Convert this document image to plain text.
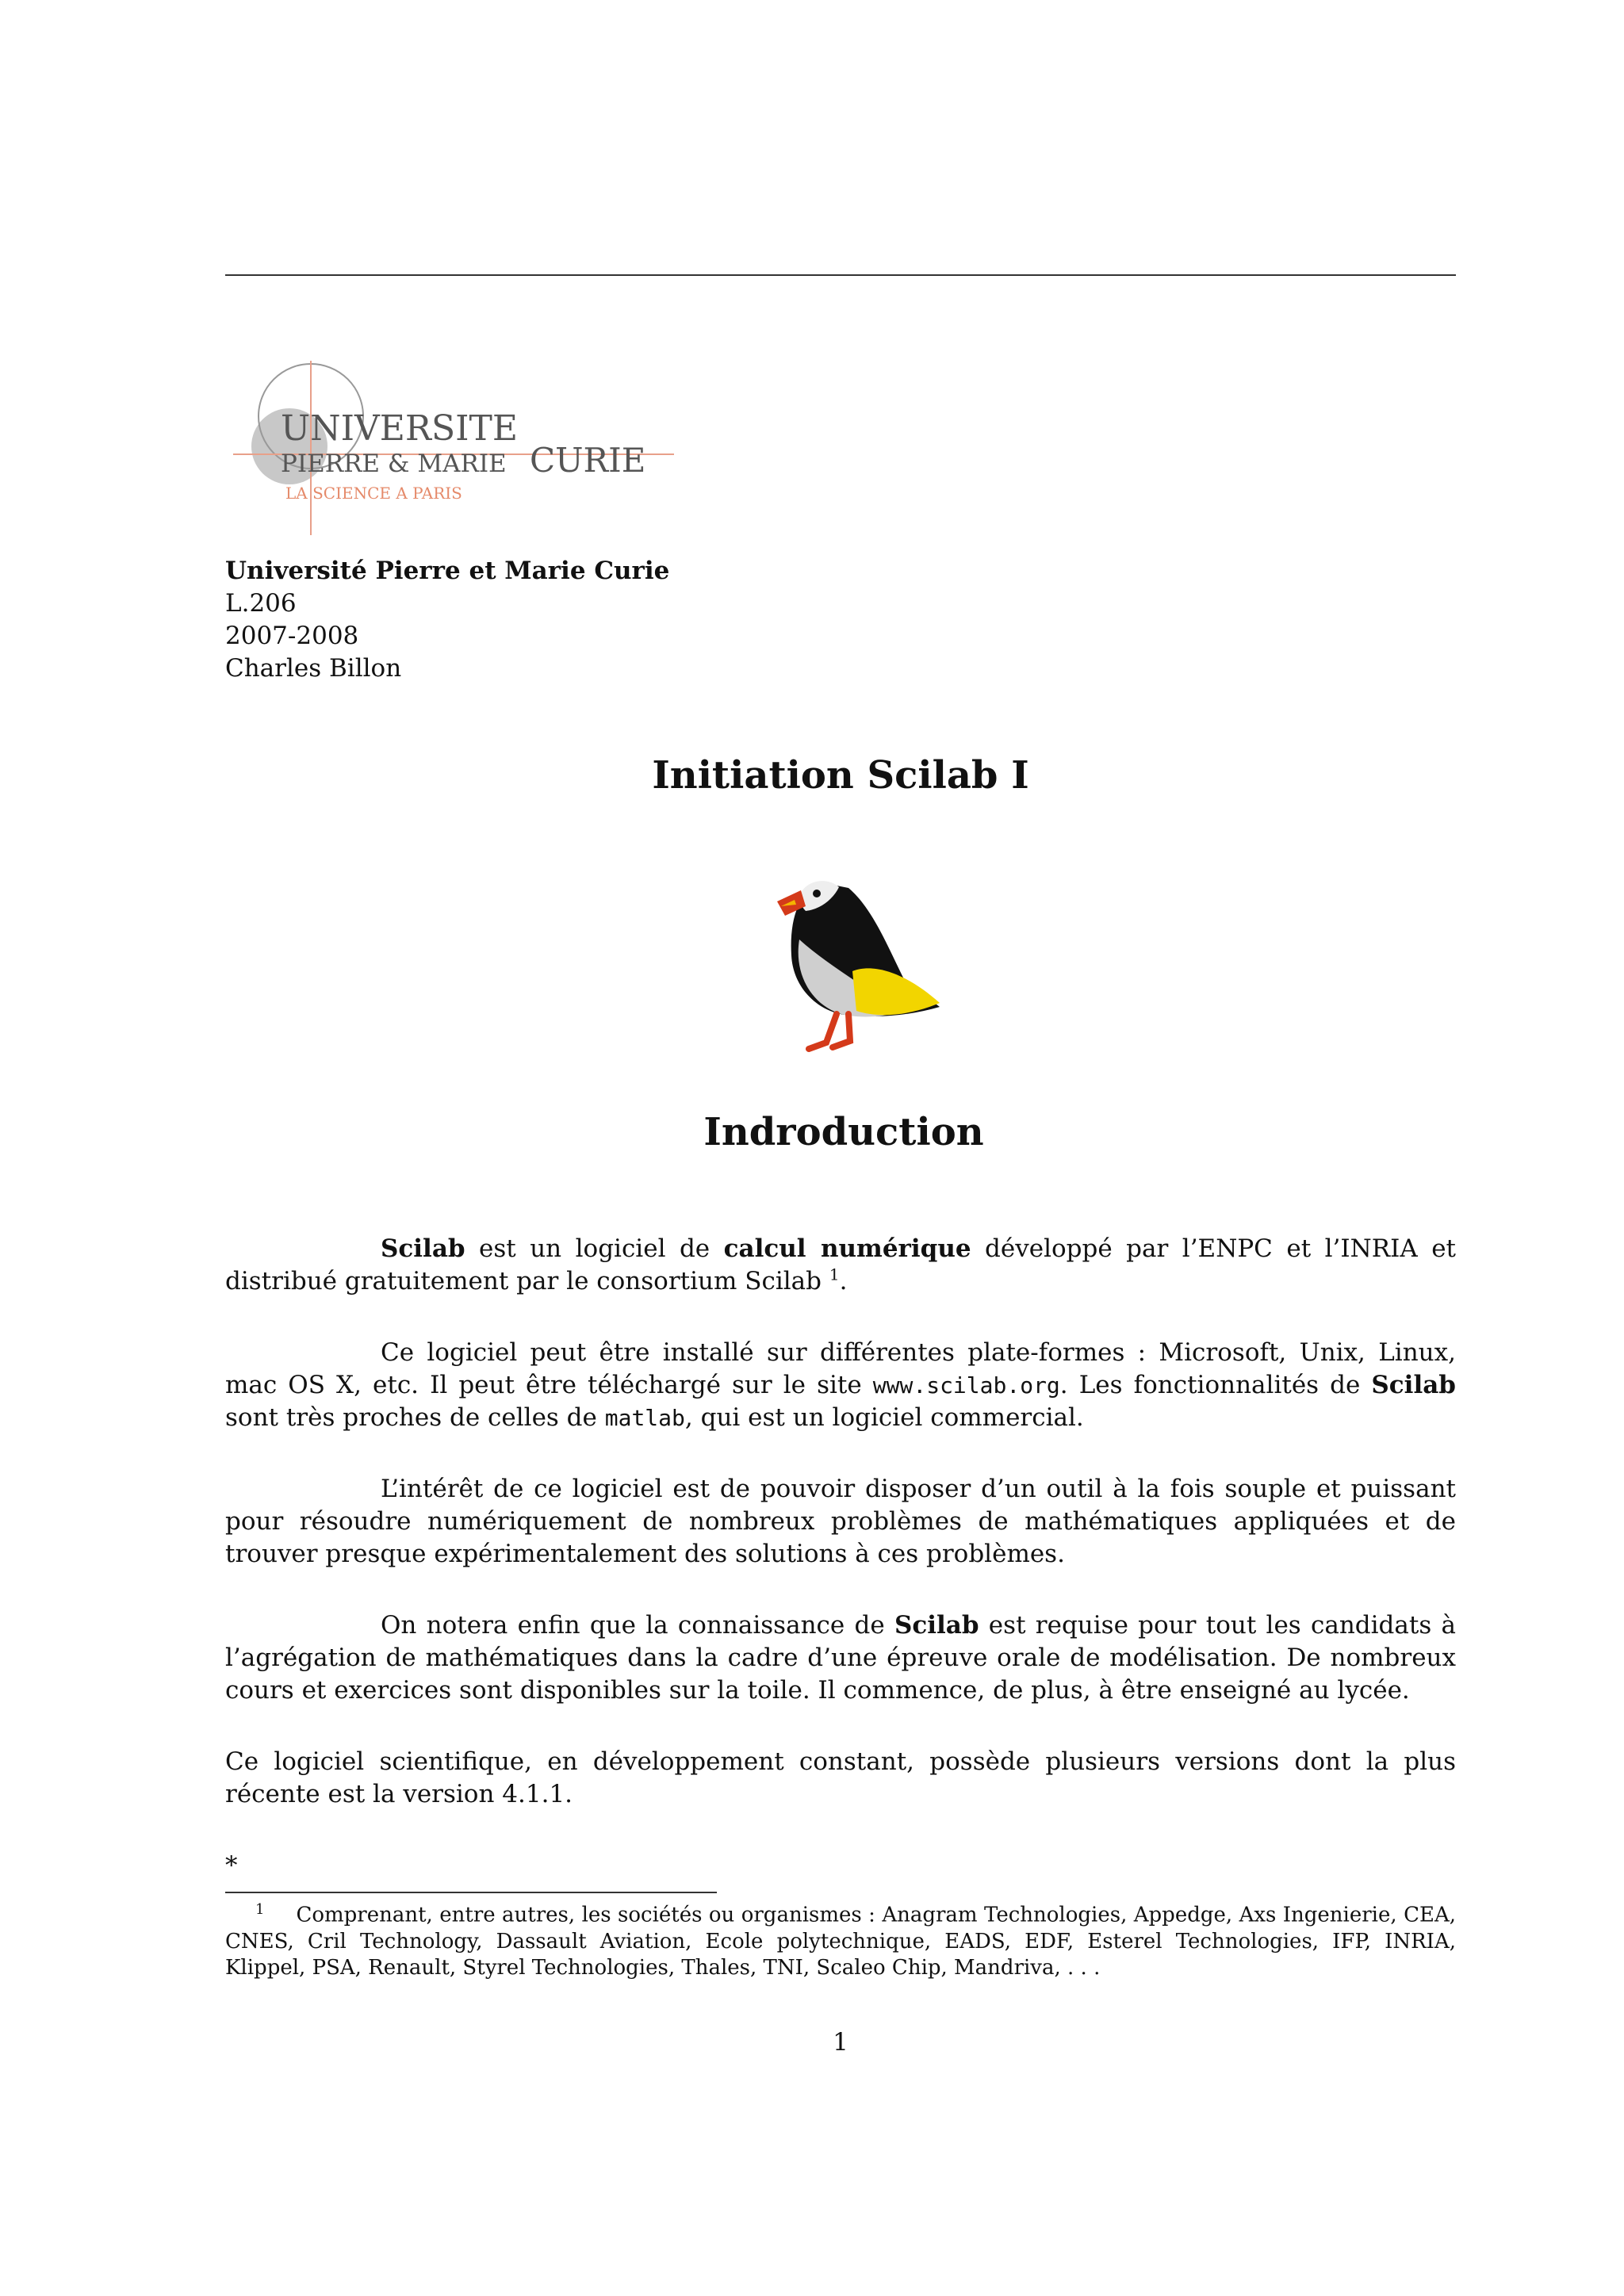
UNIVERSITE
PIERRE & MARIE CURIE
LA SCIENCE A PARIS
Université Pierre et Marie Curie
L.206
2007-2008
Charles Billon
Initiation Scilab I
Indroduction

Scilab est un logiciel de calcul numérique développé par l’ENPC et l’INRIA et distribué gratuitement par le consortium Scilab $^1$.

Ce logiciel peut être installé sur différentes plate-formes : Microsoft, Unix, Linux, mac OS X, etc. Il peut être téléchargé sur le site www.scilab.org. Les fonctionnalités de Scilab sont très proches de celles de matlab, qui est un logiciel commercial.

L’intérêt de ce logiciel est de pouvoir disposer d’un outil à la fois souple et puissant pour résoudre numériquement de nombreux problèmes de mathématiques appliquées et de trouver presque expérimentalement des solutions à ces problèmes.

On notera enfin que la connaissance de Scilab est requise pour tout les candidats à l’agrégation de mathématiques dans la cadre d’une épreuve orale de modélisation. De nombreux cours et exercices sont disponibles sur la toile. Il commence, de plus, à être enseigné au lycée.

Ce logiciel scientifique, en développement constant, possède plusieurs versions dont la plus récente est la version 4.1.1.

*
$^1$ Comprenant, entre autres, les sociétés ou organismes : Anagram Technologies, Appedge, Axs Ingenierie, CEA, CNES, Cril Technology, Dassault Aviation, Ecole polytechnique, EADS, EDF, Esterel Technologies, IFP, INRIA, Klippel, PSA, Renault, Styrel Technologies, Thales, TNI, Scaleo Chip, Mandriva, . . .
1
